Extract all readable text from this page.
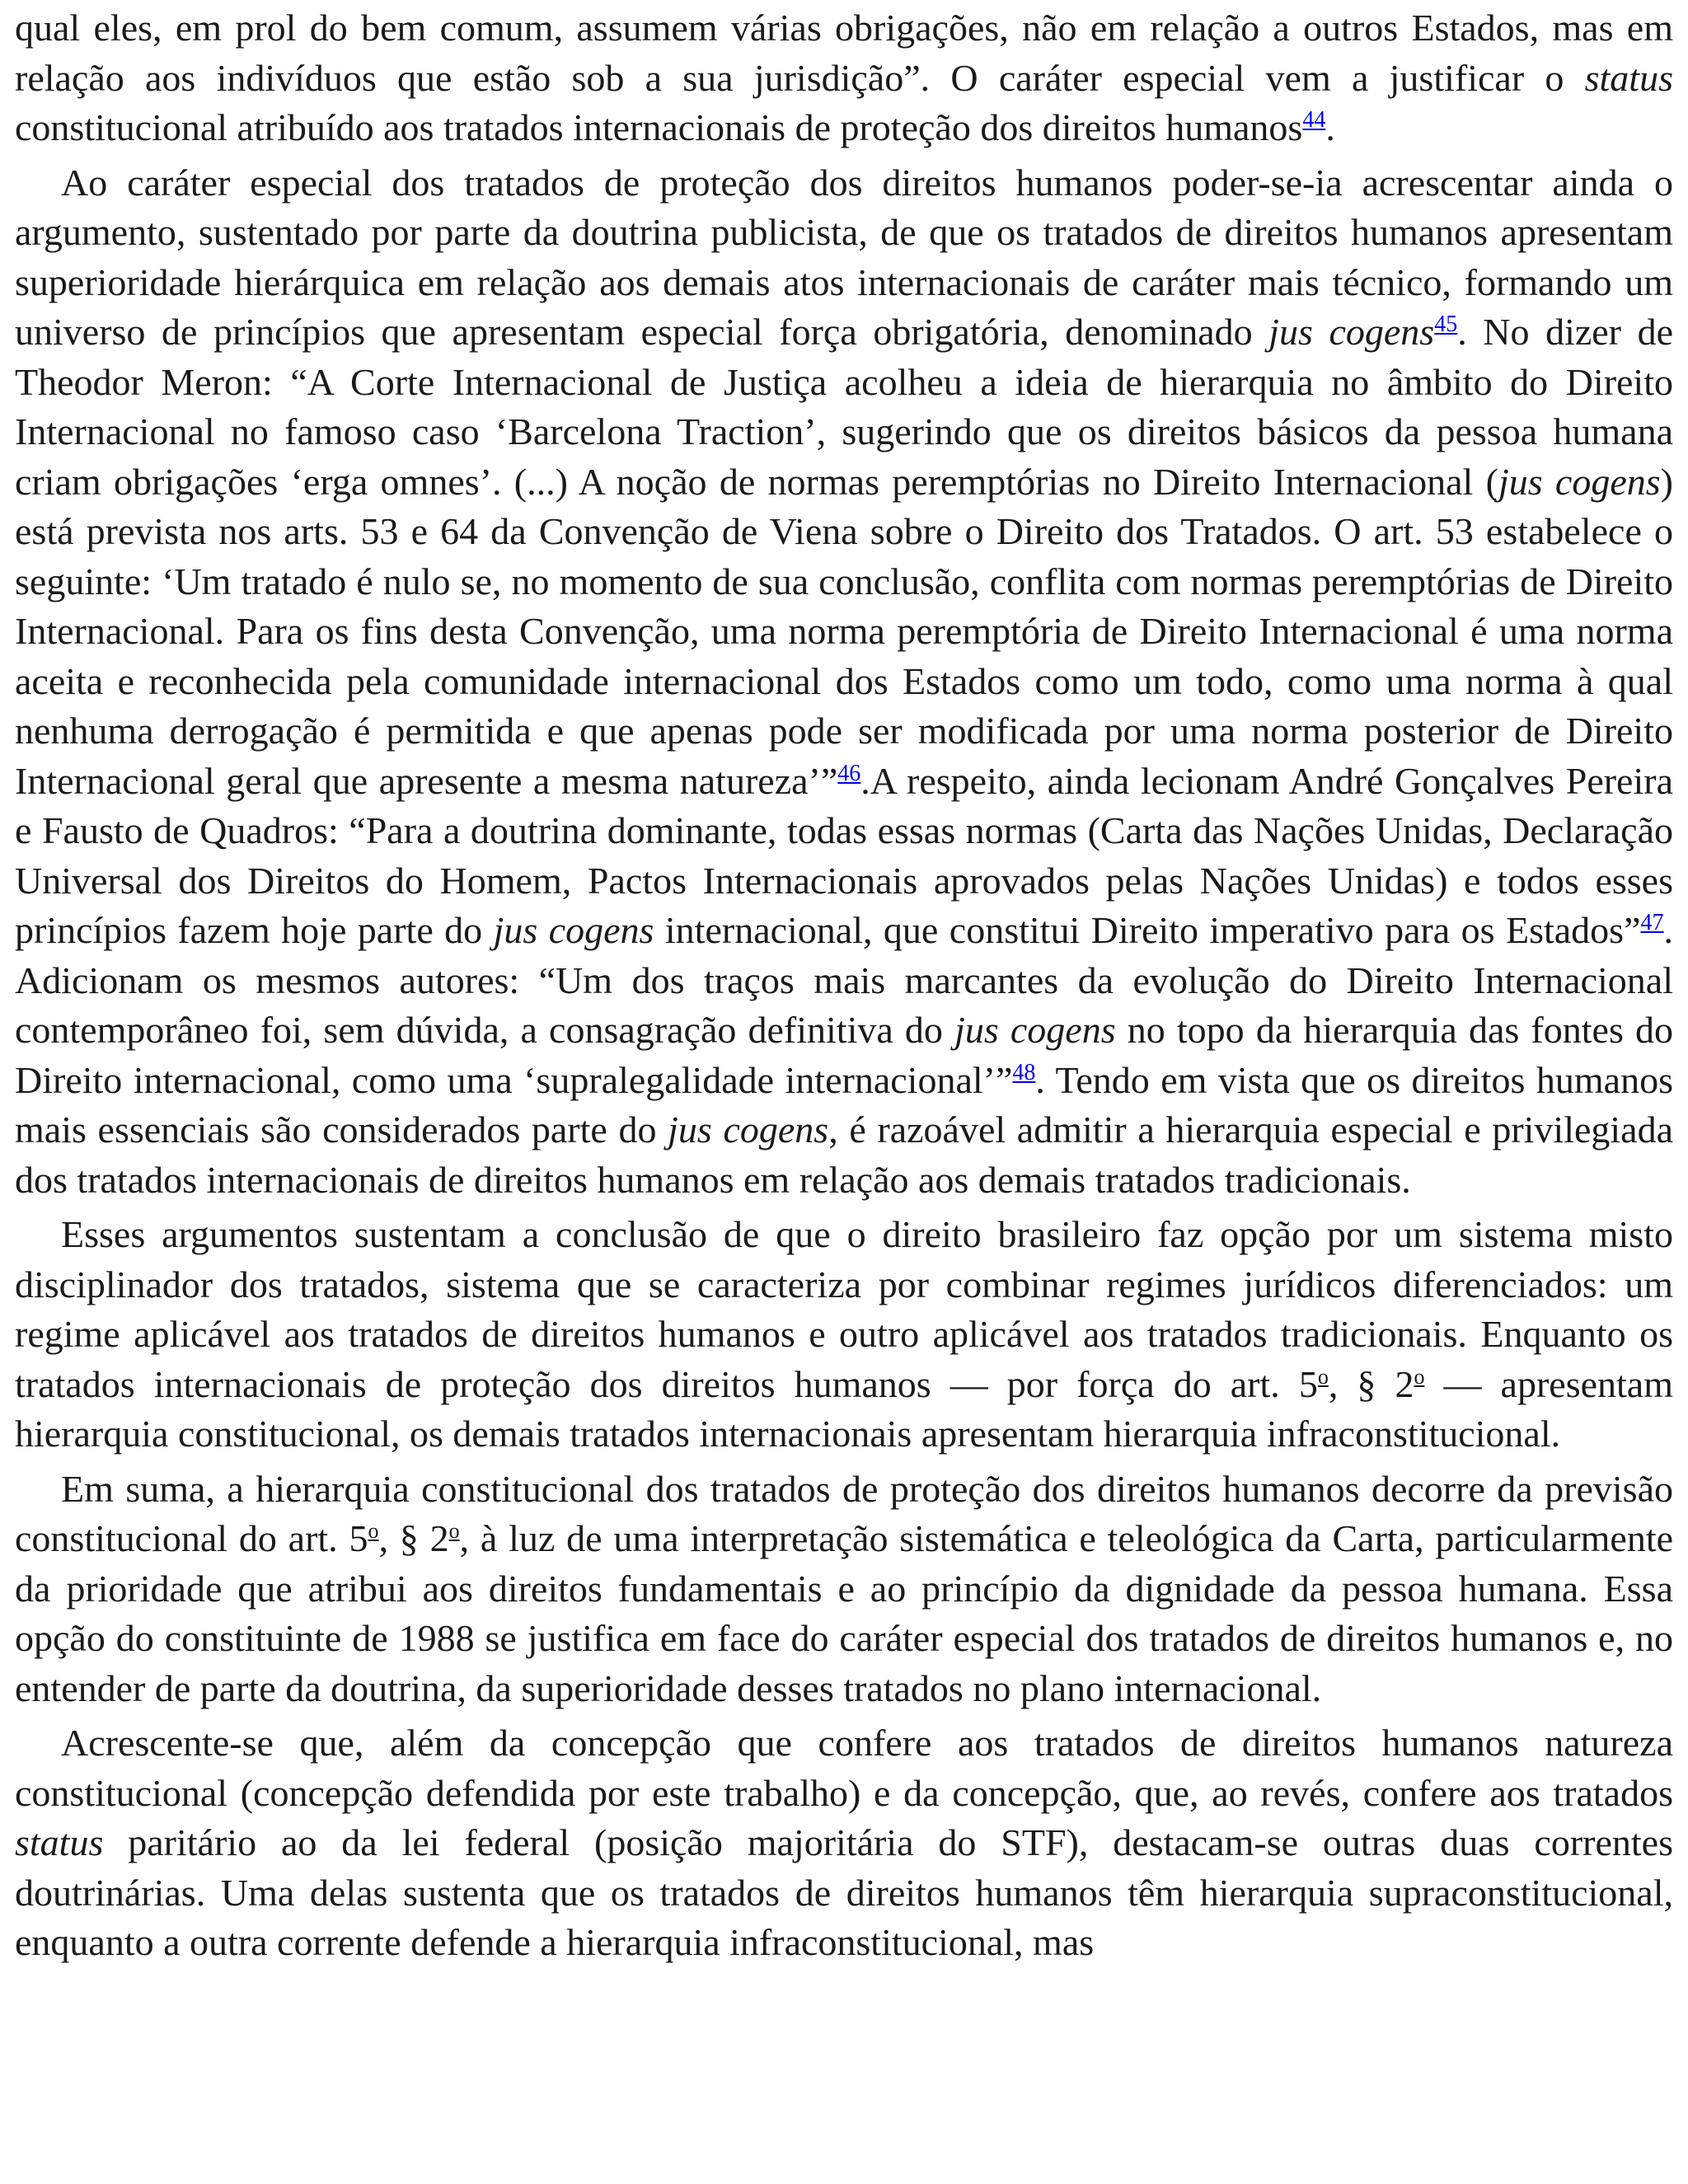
qual eles, em prol do bem comum, assumem várias obrigações, não em relação a outros Estados, mas em relação aos indivíduos que estão sob a sua jurisdição”. O caráter especial vem a justificar o status constitucional atribuído aos tratados internacionais de proteção dos direitos humanos$^{44}$.

Ao caráter especial dos tratados de proteção dos direitos humanos poder-se-ia acrescentar ainda o argumento, sustentado por parte da doutrina publicista, de que os tratados de direitos humanos apresentam superioridade hierárquica em relação aos demais atos internacionais de caráter mais técnico, formando um universo de princípios que apresentam especial força obrigatória, denominado jus cogens$^{45}$. No dizer de Theodor Meron: “A Corte Internacional de Justiça acolheu a ideia de hierarquia no âmbito do Direito Internacional no famoso caso ‘Barcelona Traction’, sugerindo que os direitos básicos da pessoa humana criam obrigações ‘erga omnes’. (...) A noção de normas peremptórias no Direito Internacional (jus cogens) está prevista nos arts. 53 e 64 da Convenção de Viena sobre o Direito dos Tratados. O art. 53 estabelece o seguinte: ‘Um tratado é nulo se, no momento de sua conclusão, conflita com normas peremptórias de Direito Internacional. Para os fins desta Convenção, uma norma peremptória de Direito Internacional é uma norma aceita e reconhecida pela comunidade internacional dos Estados como um todo, como uma norma à qual nenhuma derrogação é permitida e que apenas pode ser modificada por uma norma posterior de Direito Internacional geral que apresente a mesma natureza’”$^{46}$.A respeito, ainda lecionam André Gonçalves Pereira e Fausto de Quadros: “Para a doutrina dominante, todas essas normas (Carta das Nações Unidas, Declaração Universal dos Direitos do Homem, Pactos Internacionais aprovados pelas Nações Unidas) e todos esses princípios fazem hoje parte do jus cogens internacional, que constitui Direito imperativo para os Estados”$^{47}$. Adicionam os mesmos autores: “Um dos traços mais marcantes da evolução do Direito Internacional contemporâneo foi, sem dúvida, a consagração definitiva do jus cogens no topo da hierarquia das fontes do Direito internacional, como uma ‘supralegalidade internacional’”$^{48}$. Tendo em vista que os direitos humanos mais essenciais são considerados parte do jus cogens, é razoável admitir a hierarquia especial e privilegiada dos tratados internacionais de direitos humanos em relação aos demais tratados tradicionais.

Esses argumentos sustentam a conclusão de que o direito brasileiro faz opção por um sistema misto disciplinador dos tratados, sistema que se caracteriza por combinar regimes jurídicos diferenciados: um regime aplicável aos tratados de direitos humanos e outro aplicável aos tratados tradicionais. Enquanto os tratados internacionais de proteção dos direitos humanos — por força do art. 5$^o$, § 2$^o$ — apresentam hierarquia constitucional, os demais tratados internacionais apresentam hierarquia infraconstitucional.

Em suma, a hierarquia constitucional dos tratados de proteção dos direitos humanos decorre da previsão constitucional do art. 5$^o$, § 2$^o$, à luz de uma interpretação sistemática e teleológica da Carta, particularmente da prioridade que atribui aos direitos fundamentais e ao princípio da dignidade da pessoa humana. Essa opção do constituinte de 1988 se justifica em face do caráter especial dos tratados de direitos humanos e, no entender de parte da doutrina, da superioridade desses tratados no plano internacional.

Acrescente-se que, além da concepção que confere aos tratados de direitos humanos natureza constitucional (concepção defendida por este trabalho) e da concepção, que, ao revés, confere aos tratados status paritário ao da lei federal (posição majoritária do STF), destacam-se outras duas correntes doutrinárias. Uma delas sustenta que os tratados de direitos humanos têm hierarquia supraconstitucional, enquanto a outra corrente defende a hierarquia infraconstitucional, mas
